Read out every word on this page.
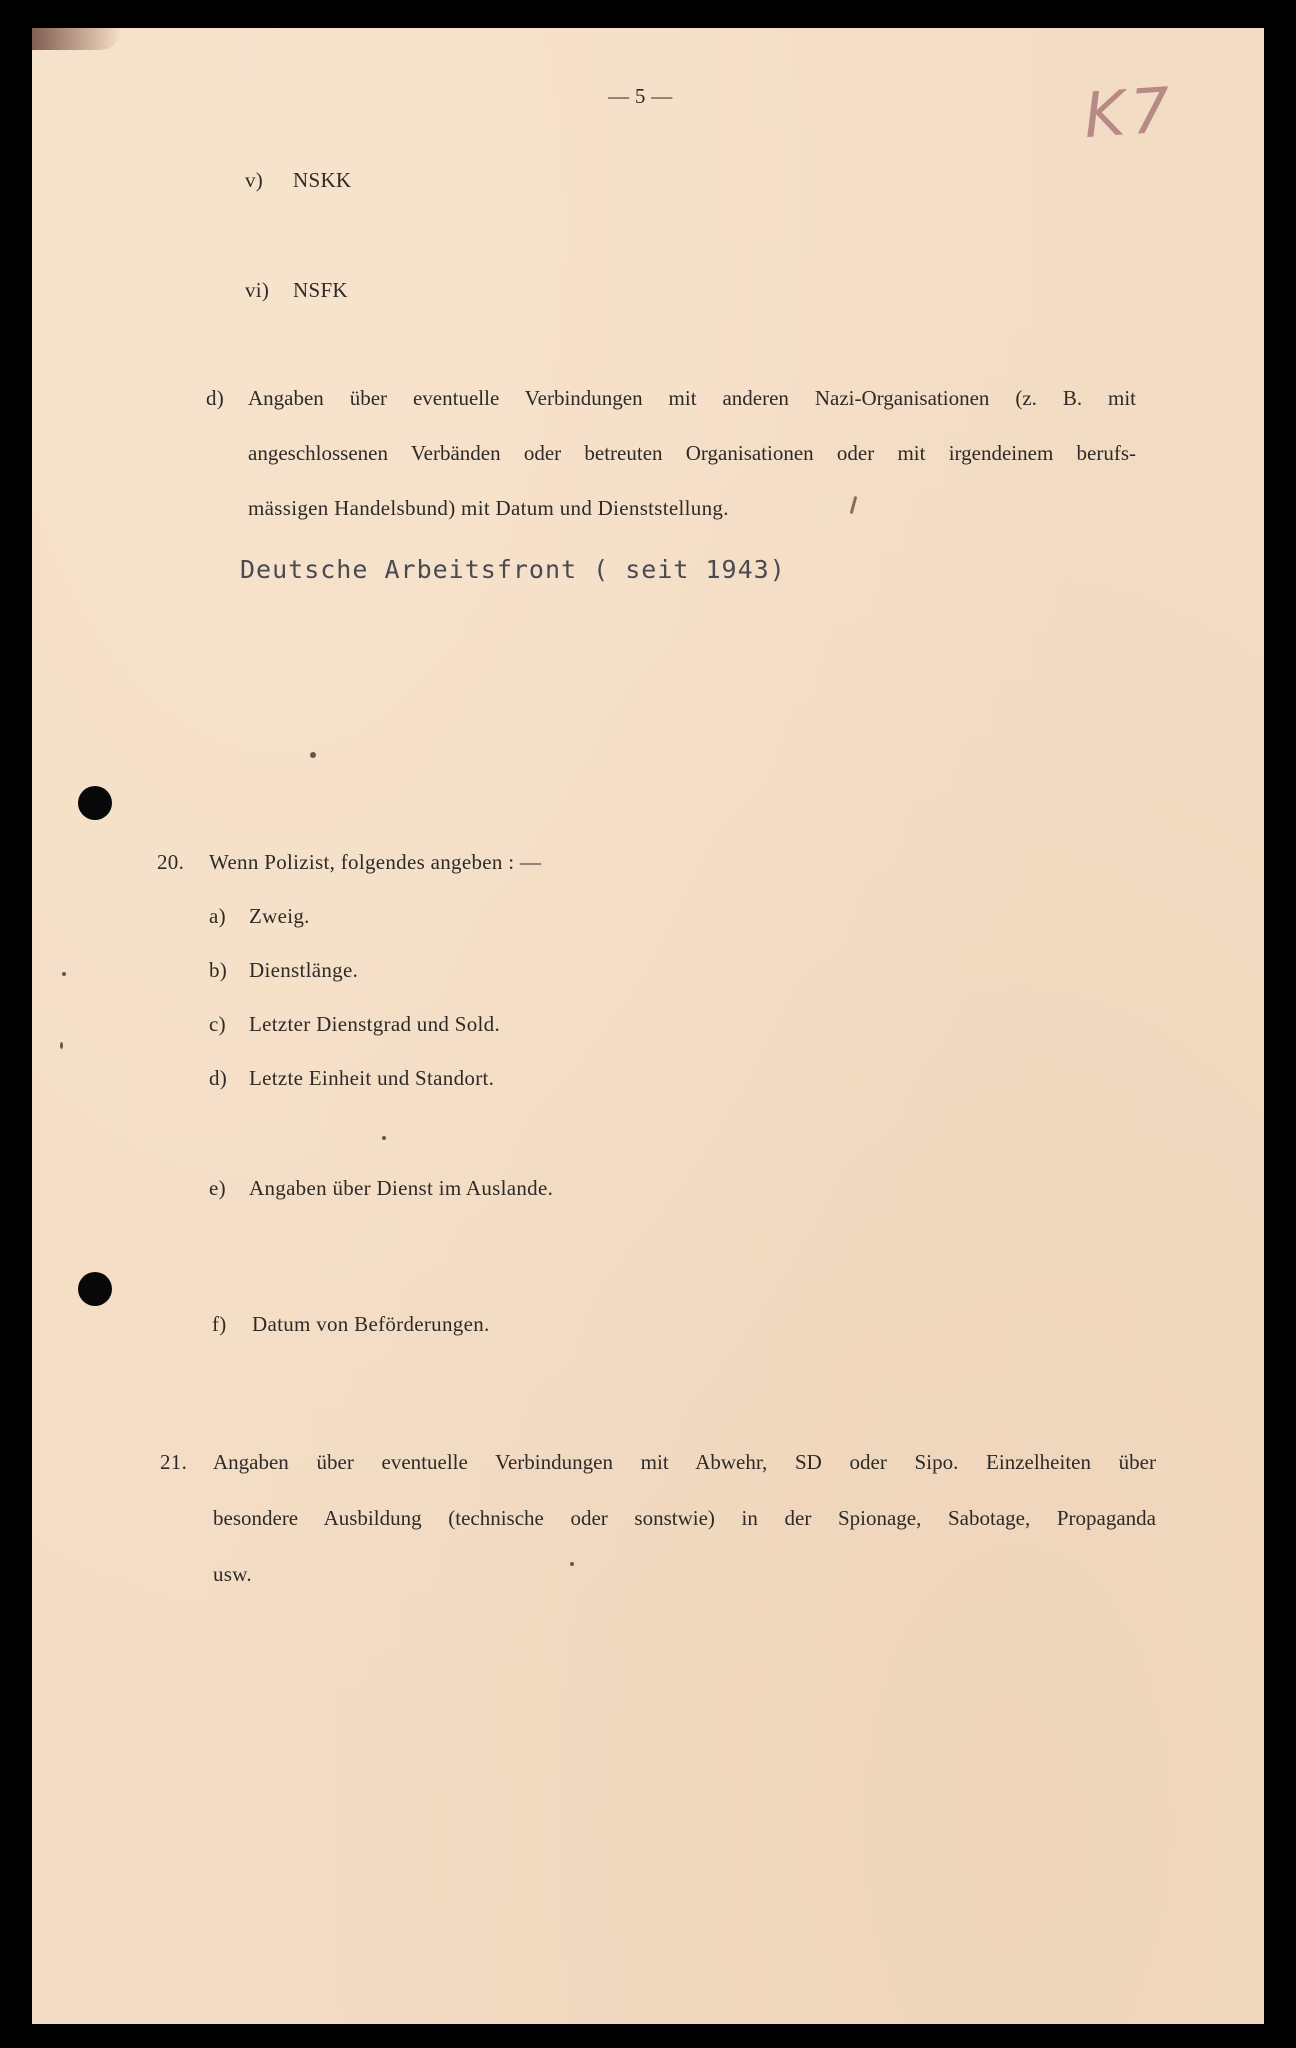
— 5 —	K7
v) NSKK
vi) NSFK
d) Angaben über eventuelle Verbindungen mit anderen Nazi-Organisationen (z. B. mit
angeschlossenen Verbänden oder betreuten Organisationen oder mit irgendeinem berufs-
mässigen Handelsbund) mit Datum und Dienststellung.
Deutsche Arbeitsfront ( seit 1943)
20. Wenn Polizist, folgendes angeben : —
a) Zweig.
b) Dienstlänge.
c) Letzter Dienstgrad und Sold.
d) Letzte Einheit und Standort.
e) Angaben über Dienst im Auslande.
f) Datum von Beförderungen.
21. Angaben über eventuelle Verbindungen mit Abwehr, SD oder Sipo. Einzelheiten über
besondere Ausbildung (technische oder sonstwie) in der Spionage, Sabotage, Propaganda
usw.
